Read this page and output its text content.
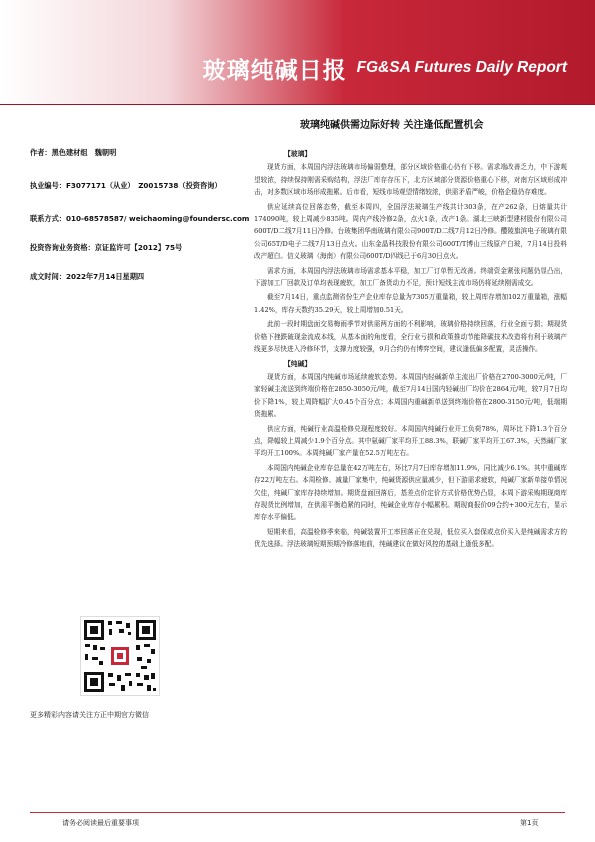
玻璃纯碱日报 FG&SA Futures Daily Report
玻璃纯碱供需边际好转 关注逢低配置机会
作者：黑色建材组　魏朝明
执业编号：F3077171（从业）　Z0015738（投资咨询）
联系方式：010-68578587/ weichaoming@foundersc.com
投资咨询业务资格：京证监许可【2012】75号
成文时间：2022年7月14日星期四
更多精彩内容请关注方正中期官方微信
【玻璃】

现货方面，本周国内浮法玻璃市场偏弱整理，部分区域价格重心仍有下移。需求端改善乏力，中下游观望较浓，持续保持刚需采购结构，浮法厂库存存压下，北方区域部分货源价格重心下移，对南方区域形成冲击，对多数区域市场形成拖累。后市看，短线市场观望情绪较浓，供需矛盾严峻，价格企稳仍存难度。

供应延续高位回落态势，截至本周四，全国浮法玻璃生产线共计303条，在产262条，日熔量共计174090吨，较上周减少835吨。周内产线冷修2条，点火1条，改产1条。湖北三峡新型建材股份有限公司600T/D二线7月11日冷修。台玻集团华南玻璃有限公司900T/D二线7月12日冷修。醴陵旗滨电子玻璃有限公司65T/D电子二线7月13日点火。山东金晶科技股份有限公司600T/T博山三线原产白玻，7月14日投料改产超白。信义玻璃（海南）有限公司600T/D四线已于6月30日点火。

需求方面，本周国内浮法玻璃市场需求基本平稳，加工厂订单暂无改善。终端资金紧张问题仍显凸出，下游加工厂回款及订单均表现疲软，加工厂备货动力不足，预计短线主流市场仍将延续刚需成交。

截至7月14日，重点监测省份生产企业库存总量为7305万重量箱，较上周库存增加102万重量箱，涨幅1.42%，库存天数约35.29天，较上周增加0.51天。

此前一段时期盘面交易梅雨季节对供需两方面的不利影响，玻璃价格持续回落，行业全面亏损；期现货价格下挫跌破现金流成本线，从基本面的角度看，全行业亏损和政策推动节能降碳技术改造将有利于玻璃产线更多尽快进入冷修环节，支撑力度较强，9月合约仍有博弈空间，建议逢低偏多配置，灵活操作。

【纯碱】

现货方面，本周国内纯碱市场延续疲软态势。本周国内轻碱新单主流出厂价格在2700-3000元/吨，厂家轻碱主流送到终端价格在2850-3050元/吨，截至7月14日国内轻碱出厂均价在2864元/吨，较7月7日均价下降1%，较上周降幅扩大0.45个百分点；本周国内重碱新单送到终端价格在2800-3150元/吨，低端期货拖累。

供应方面，纯碱行业高温检修兑现程度较好。本周国内纯碱行业开工负荷78%，周环比下降1.3个百分点，降幅较上周减少1.9个百分点。其中氨碱厂家平均开工88.3%，联碱厂家平均开工67.3%，天然碱厂家平均开工100%。本周纯碱厂家产量在52.5万吨左右。

本周国内纯碱企业库存总量在42万吨左右，环比7月7日库存增加11.9%，同比减少6.1%。其中重碱库存22万吨左右。本周检修、减量厂家集中，纯碱货源供应量减少，但下游需求疲软，纯碱厂家新单接单情况欠佳，纯碱厂家库存持续增加。期货盘面回落后，基差点价定价方式价格优势凸显，本周下游采购期现商库存现货比例增加，在供需平衡趋紧的同时，纯碱企业库存小幅累积。期现商报价09合约+300元左右，显示库存水平偏低。

短期来看，高温检修季来临，纯碱装置开工率回落正在兑现，低位买入套保或点价买入是纯碱需求方的优先选择。浮法玻璃短期预期冷修落地前，纯碱建议在做好风控的基础上逢低多配。

请务必阅读最后重要事项	第1页
